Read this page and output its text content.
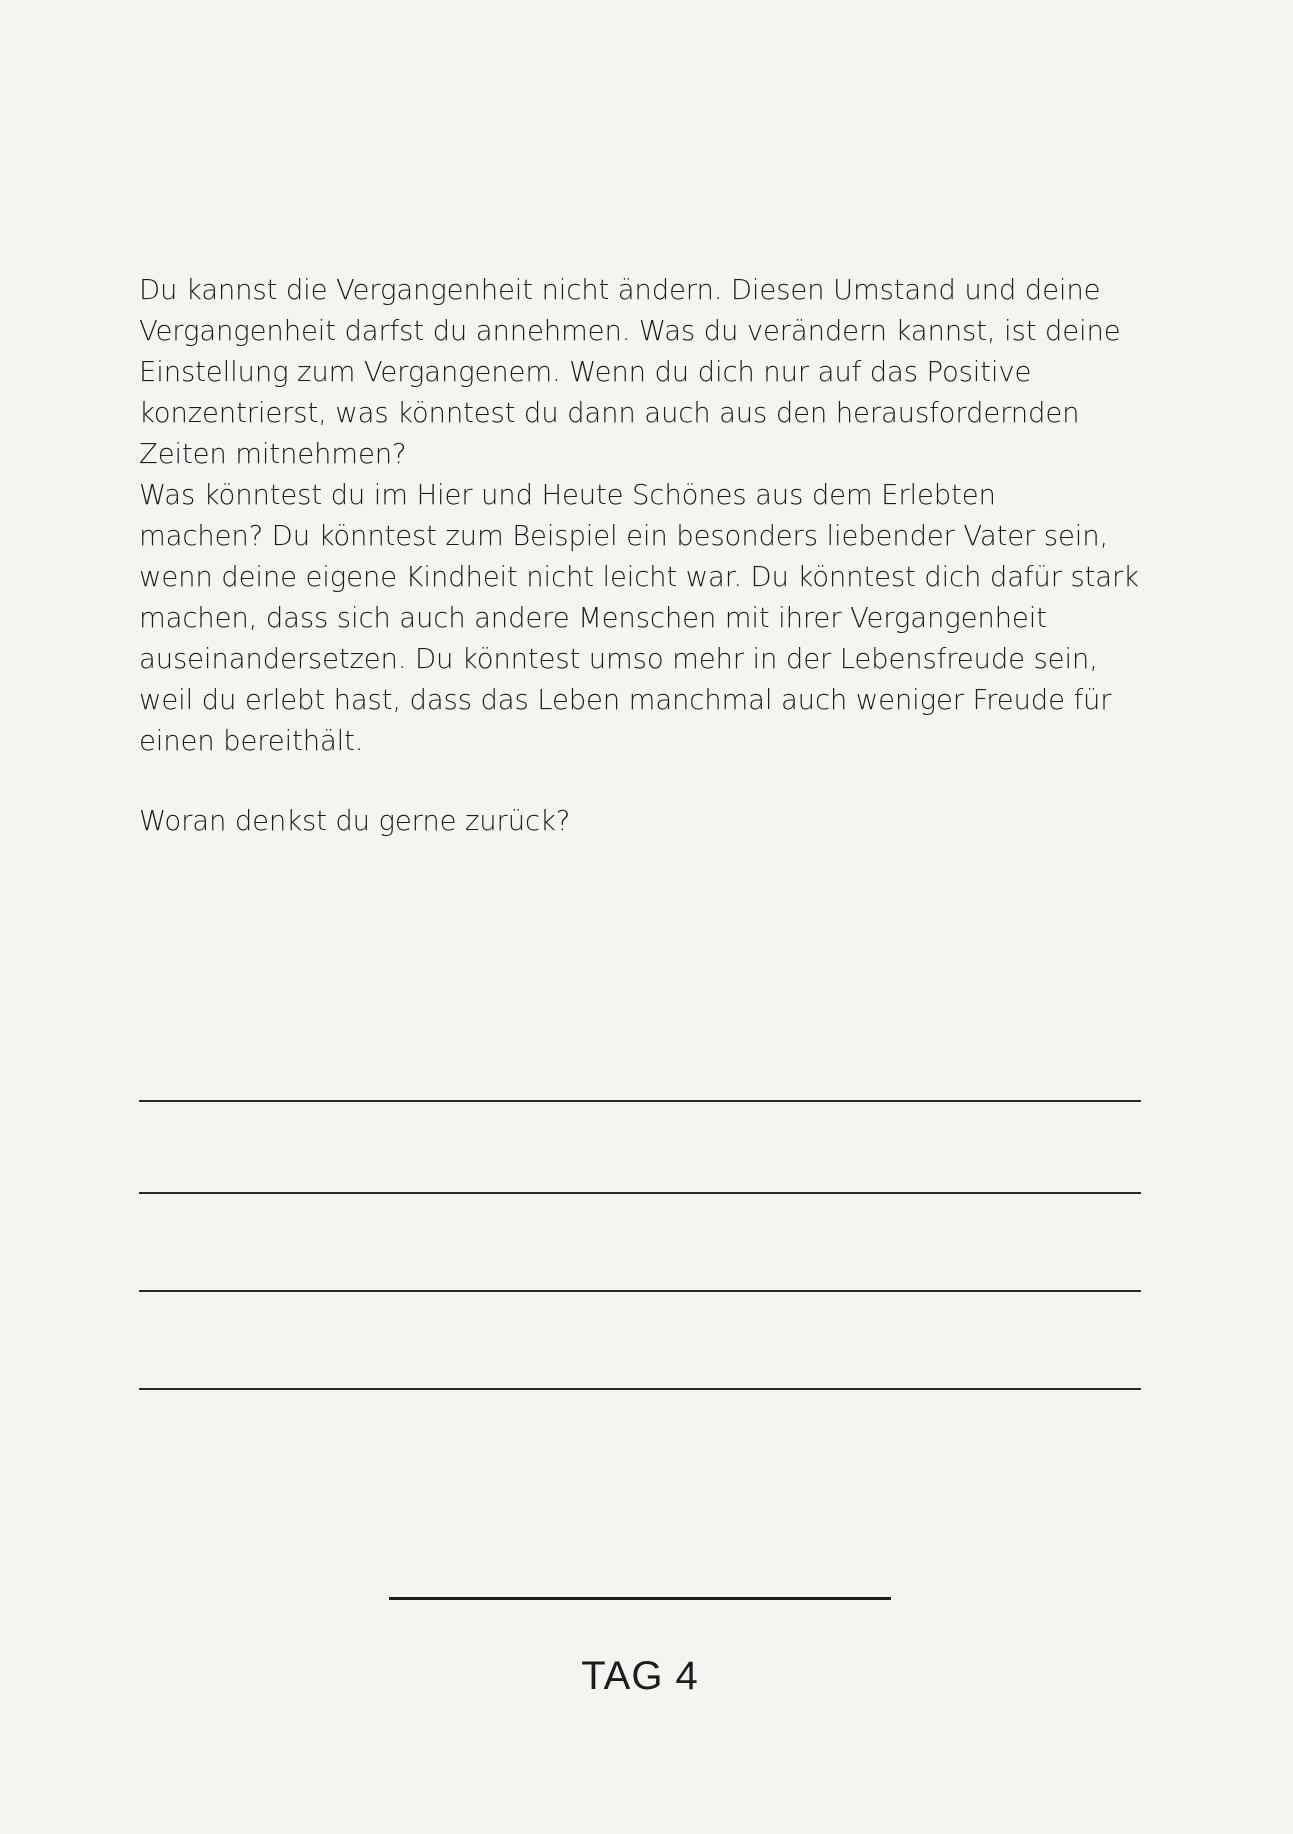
Du kannst die Vergangenheit nicht ändern. Diesen Umstand und deine
Vergangenheit darfst du annehmen. Was du verändern kannst, ist deine
Einstellung zum Vergangenem. Wenn du dich nur auf das Positive
konzentrierst, was könntest du dann auch aus den herausfordernden
Zeiten mitnehmen?

Was könntest du im Hier und Heute Schönes aus dem Erlebten
machen? Du könntest zum Beispiel ein besonders liebender Vater sein,
wenn deine eigene Kindheit nicht leicht war. Du könntest dich dafür stark
machen, dass sich auch andere Menschen mit ihrer Vergangenheit
auseinandersetzen. Du könntest umso mehr in der Lebensfreude sein,
weil du erlebt hast, dass das Leben manchmal auch weniger Freude für
einen bereithält.

Woran denkst du gerne zurück?
TAG 4
